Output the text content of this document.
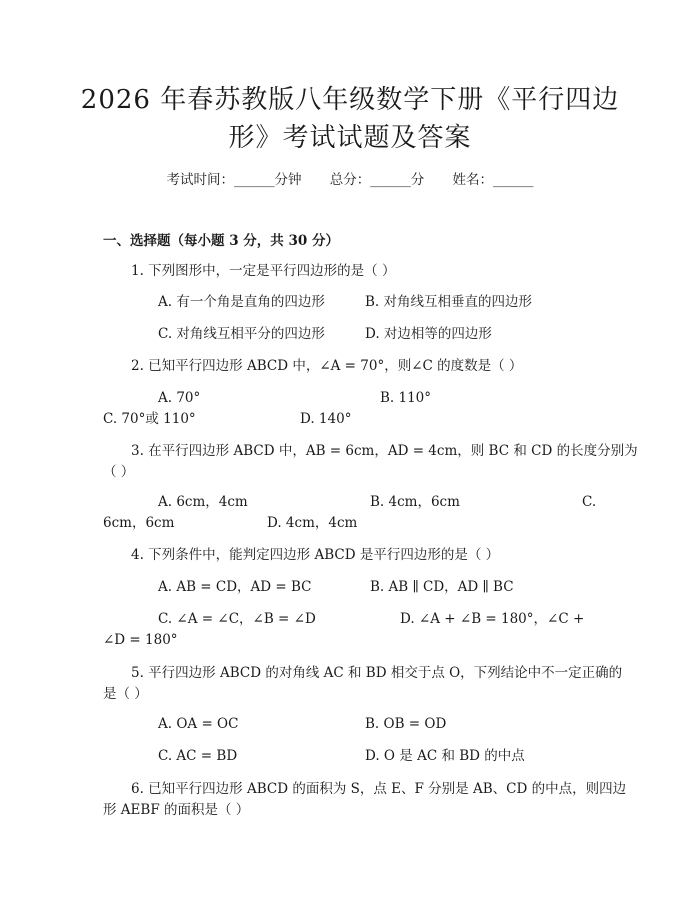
2026 年春苏教版八年级数学下册《平行四边
形》考试试题及答案
考试时间：______分钟 总分：______分 姓名：______
一、选择题（每小题 3 分，共 30 分）
1. 下列图形中，一定是平行四边形的是（ ）
A. 有一个角是直角的四边形	B. 对角线互相垂直的四边形
C. 对角线互相平分的四边形	D. 对边相等的四边形
2. 已知平行四边形 ABCD 中，∠A = 70°，则∠C 的度数是（ ）
A. 70°	B. 110°
C. 70°或 110°	D. 140°
3. 在平行四边形 ABCD 中，AB = 6cm，AD = 4cm，则 BC 和 CD 的长度分别为
（ ）
A. 6cm，4cm	B. 4cm，6cm	C.
6cm，6cm	D. 4cm，4cm
4. 下列条件中，能判定四边形 ABCD 是平行四边形的是（ ）
A. AB = CD，AD = BC	B. AB ∥ CD，AD ∥ BC
C. ∠A = ∠C，∠B = ∠D	D. ∠A + ∠B = 180°，∠C +
∠D = 180°
5. 平行四边形 ABCD 的对角线 AC 和 BD 相交于点 O，下列结论中不一定正确的
是（ ）
A. OA = OC	B. OB = OD
C. AC = BD	D. O 是 AC 和 BD 的中点
6. 已知平行四边形 ABCD 的面积为 S，点 E、F 分别是 AB、CD 的中点，则四边
形 AEBF 的面积是（ ）
